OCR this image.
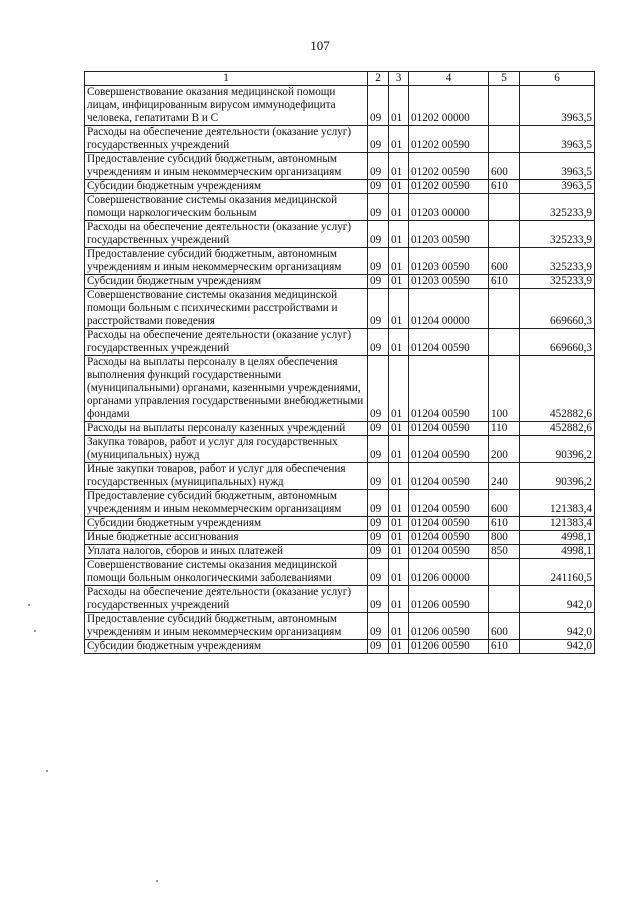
107
1	2	3	4	5	6
Совершенствование оказания медицинской помощи лицам, инфицированным вирусом иммунодефицита человека, гепатитами В и С	09	01	01202 00000		3963,5
Расходы на обеспечение деятельности (оказание услуг) государственных учреждений	09	01	01202 00590		3963,5
Предоставление субсидий бюджетным, автономным учреждениям и иным некоммерческим организациям	09	01	01202 00590	600	3963,5
Субсидии бюджетным учреждениям	09	01	01202 00590	610	3963,5
Совершенствование системы оказания медицинской помощи наркологическим больным	09	01	01203 00000		325233,9
Расходы на обеспечение деятельности (оказание услуг) государственных учреждений	09	01	01203 00590		325233,9
Предоставление субсидий бюджетным, автономным учреждениям и иным некоммерческим организациям	09	01	01203 00590	600	325233,9
Субсидии бюджетным учреждениям	09	01	01203 00590	610	325233,9
Совершенствование системы оказания медицинской помощи больным с психическими расстройствами и расстройствами поведения	09	01	01204 00000		669660,3
Расходы на обеспечение деятельности (оказание услуг) государственных учреждений	09	01	01204 00590		669660,3
Расходы на выплаты персоналу в целях обеспечения выполнения функций государственными (муниципальными) органами, казенными учреждениями, органами управления государственными внебюджетными фондами	09	01	01204 00590	100	452882,6
Расходы на выплаты персоналу казенных учреждений	09	01	01204 00590	110	452882,6
Закупка товаров, работ и услуг для государственных (муниципальных) нужд	09	01	01204 00590	200	90396,2
Иные закупки товаров, работ и услуг для обеспечения государственных (муниципальных) нужд	09	01	01204 00590	240	90396,2
Предоставление субсидий бюджетным, автономным учреждениям и иным некоммерческим организациям	09	01	01204 00590	600	121383,4
Субсидии бюджетным учреждениям	09	01	01204 00590	610	121383,4
Иные бюджетные ассигнования	09	01	01204 00590	800	4998,1
Уплата налогов, сборов и иных платежей	09	01	01204 00590	850	4998,1
Совершенствование системы оказания медицинской помощи больным онкологическими заболеваниями	09	01	01206 00000		241160,5
Расходы на обеспечение деятельности (оказание услуг) государственных учреждений	09	01	01206 00590		942,0
Предоставление субсидий бюджетным, автономным учреждениям и иным некоммерческим организациям	09	01	01206 00590	600	942,0
Субсидии бюджетным учреждениям	09	01	01206 00590	610	942,0
